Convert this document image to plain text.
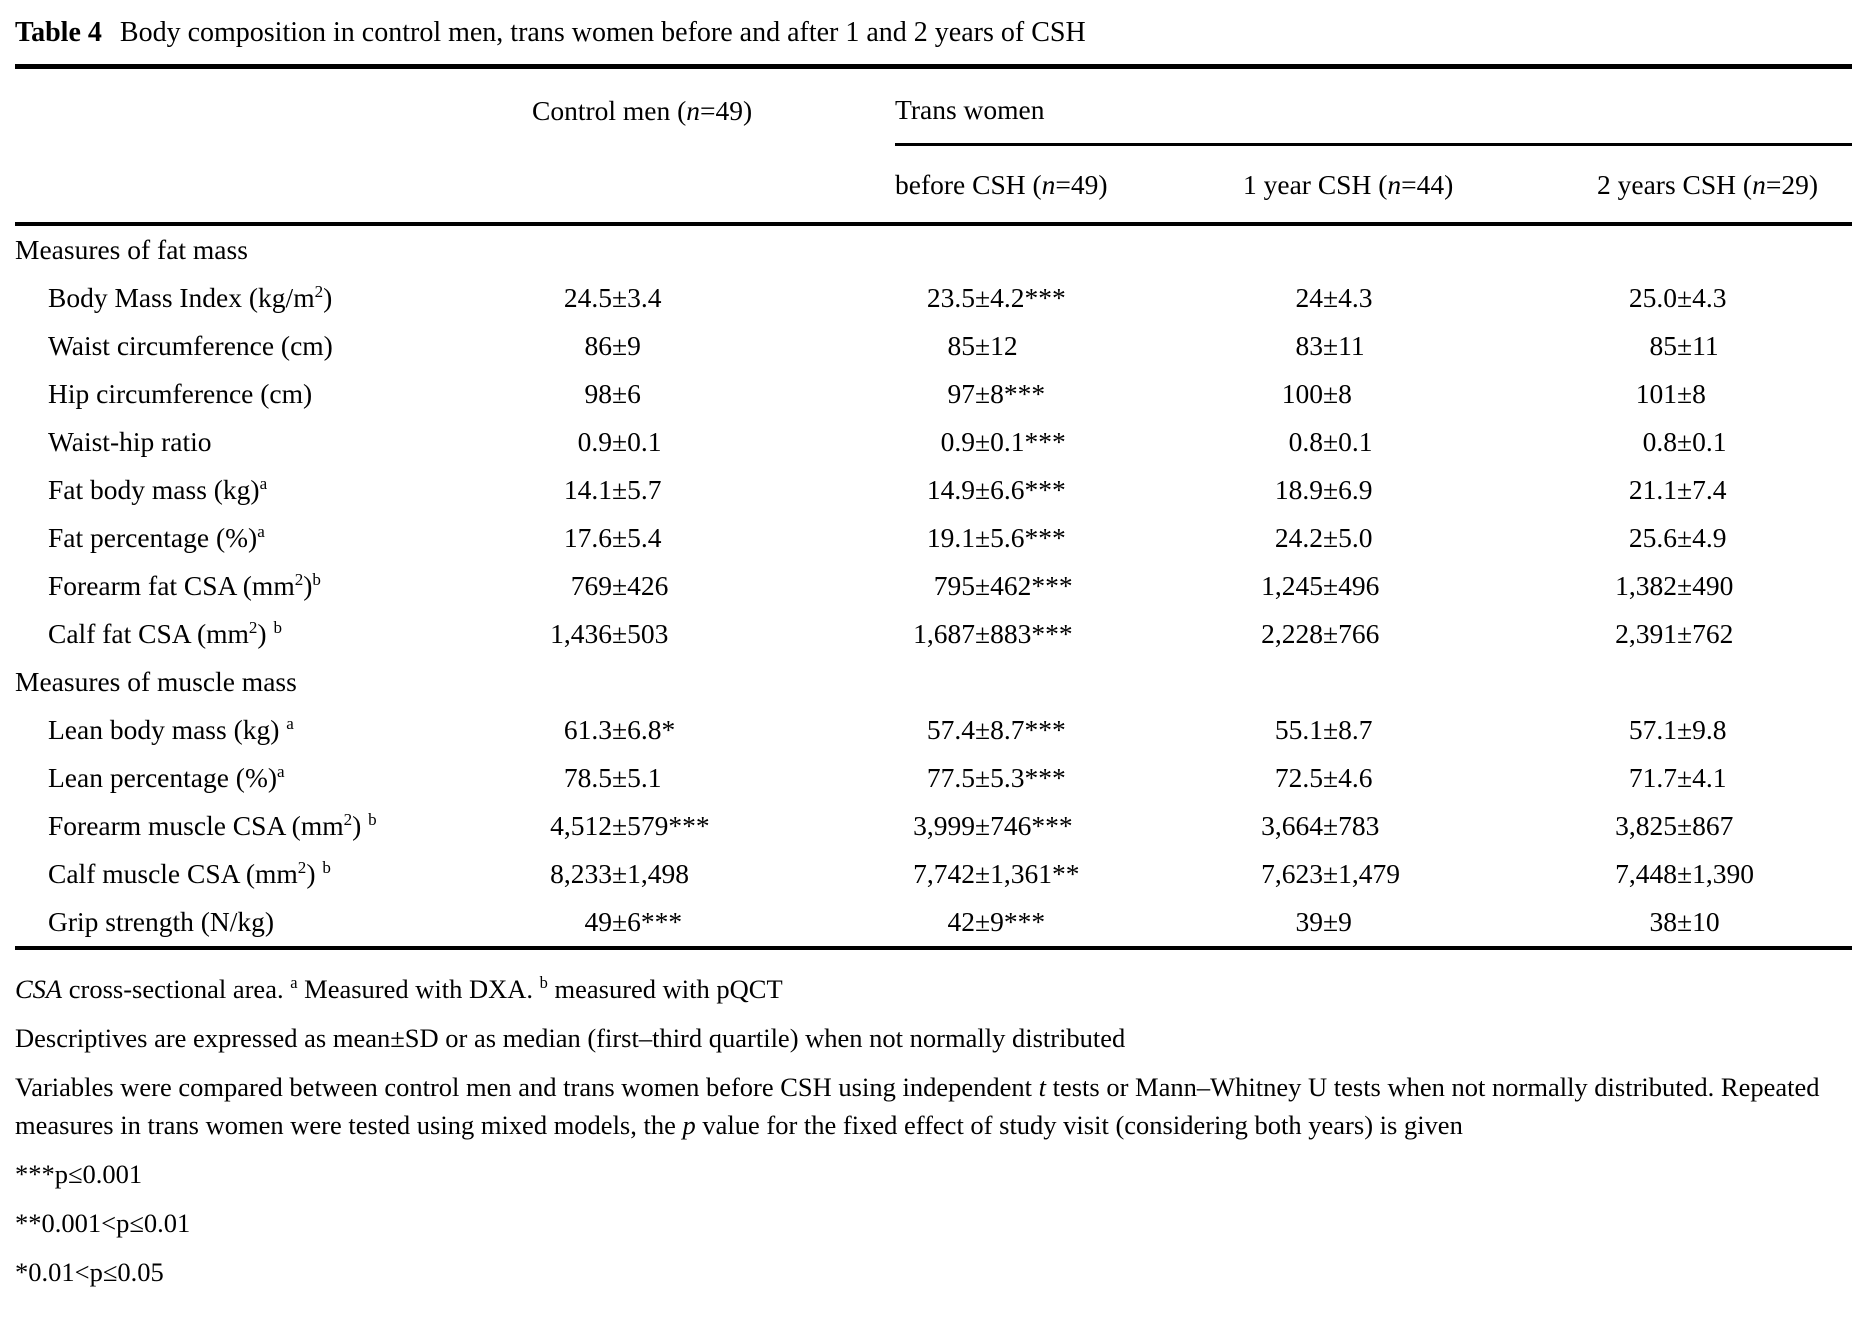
Table 4 Body composition in control men, trans women before and after 1 and 2 years of CSH
	Control men (n=49)	Trans women		
		before CSH (n=49)	1 year CSH (n=44)	2 years CSH (n=29)
Measures of fat mass				
Body Mass Index $(kg/m^2)$	24.5 ±3.4	23.5 ±4.2***	24 ±4.3	25.0 ±4.3

Waist circumference (cm)	86 ±9	85 ±12	83 ±11	85 ±11

Hip circumference (cm)	98 ±6	97 ±8***	100 ±8	101 ±8

Waist-hip ratio	0.9 ±0.1	0.9 ±0.1***	0.8 ±0.1	0.8 ±0.1

Fat body mass (kg)$^a$	14.1 ±5.7	14.9 ±6.6***	18.9 ±6.9	21.1 ±7.4

Fat percentage (%)$^a$	17.6 ±5.4	19.1 ±5.6***	24.2 ±5.0	25.6 ±4.9

Forearm fat CSA $(mm^2)^b$	769 ±426	795 ±462***	1,245 ±496	1,382 ±490

Calf fat CSA $(mm^2)$ $^b$	1,436 ±503	1,687 ±883***	2,228 ±766	2,391 ±762

Measures of muscle mass				
Lean body mass (kg) $^a$	61.3 ±6.8*	57.4 ±8.7***	55.1 ±8.7	57.1 ±9.8

Lean percentage (%)$^a$	78.5 ±5.1	77.5 ±5.3***	72.5 ±4.6	71.7 ±4.1

Forearm muscle CSA $(mm^2)$ $^b$	4,512 ±579***	3,999 ±746***	3,664 ±783	3,825 ±867

Calf muscle CSA $(mm^2)$ $^b$	8,233 ±1,498	7,742 ±1,361**	7,623 ±1,479	7,448 ±1,390

Grip strength (N/kg)	49 ±6***	42 ±9***	39 ±9	38 ±10

CSA cross-sectional area. $^a$ Measured with DXA. $^b$ measured with pQCT

Descriptives are expressed as mean±SD or as median (first–third quartile) when not normally distributed

Variables were compared between control men and trans women before CSH using independent t tests or Mann–Whitney U tests when not normally distributed. Repeated measures in trans women were tested using mixed models, the p value for the fixed effect of study visit (considering both years) is given

***p≤0.001

**0.001<p≤0.01

*0.01<p≤0.05
